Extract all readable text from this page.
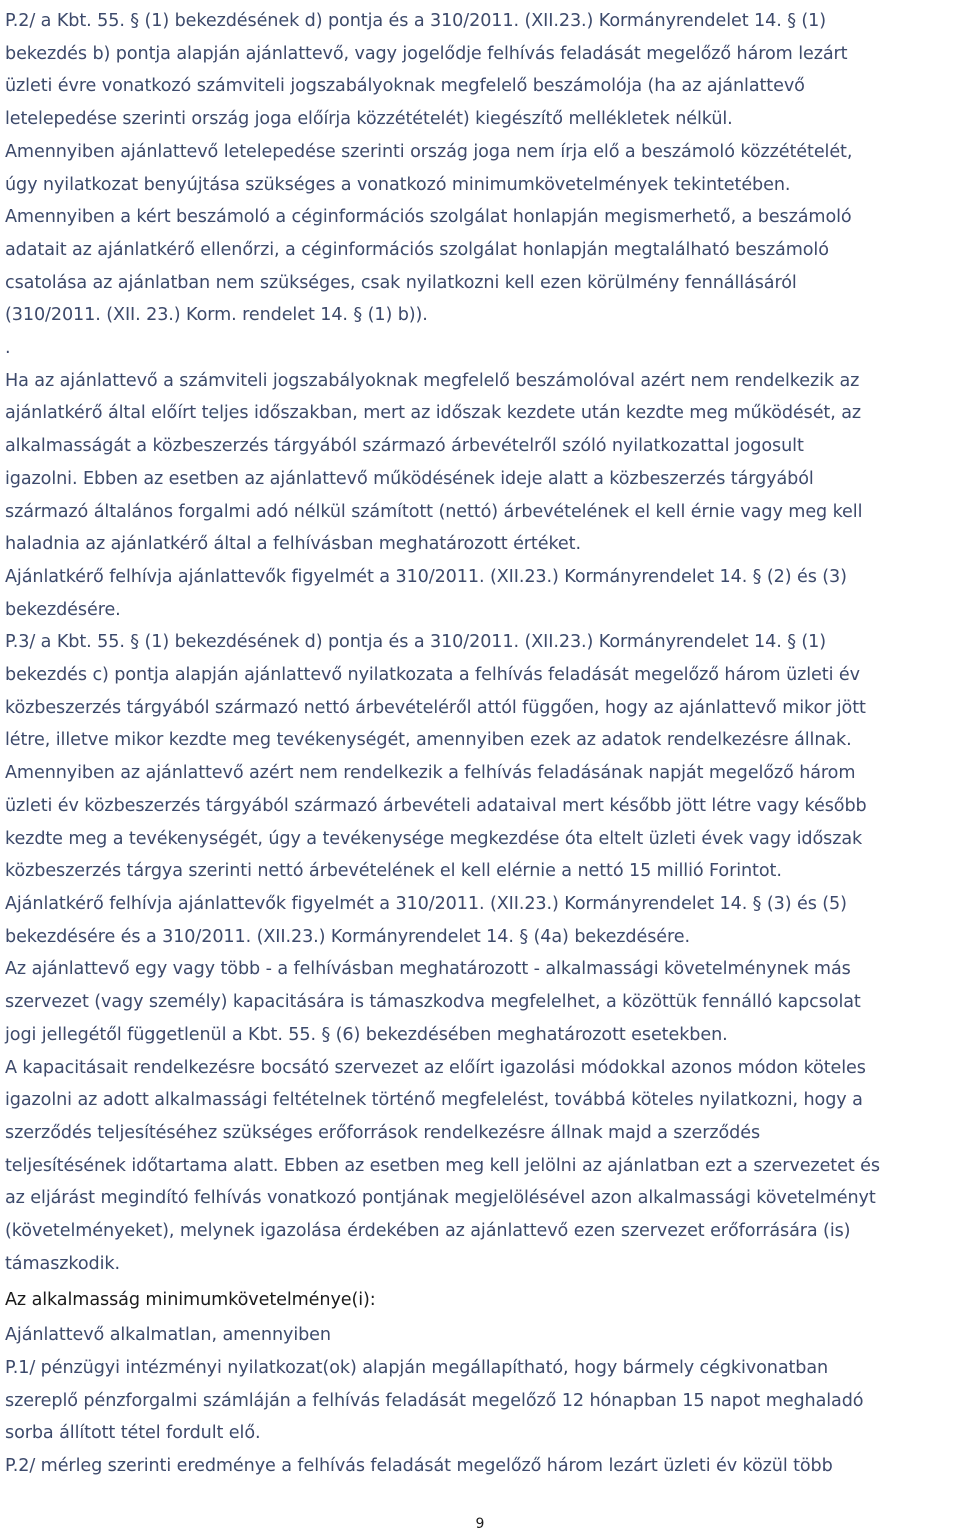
P.2/ a Kbt. 55. § (1) bekezdésének d) pontja és a 310/2011. (XII.23.) Kormányrendelet 14. § (1)
bekezdés b) pontja alapján ajánlattevő, vagy jogelődje felhívás feladását megelőző három lezárt
üzleti évre vonatkozó számviteli jogszabályoknak megfelelő beszámolója (ha az ajánlattevő
letelepedése szerinti ország joga előírja közzétételét) kiegészítő mellékletek nélkül.

Amennyiben ajánlattevő letelepedése szerinti ország joga nem írja elő a beszámoló közzétételét,
úgy nyilatkozat benyújtása szükséges a vonatkozó minimumkövetelmények tekintetében.

Amennyiben a kért beszámoló a céginformációs szolgálat honlapján megismerhető, a beszámoló
adatait az ajánlatkérő ellenőrzi, a céginformációs szolgálat honlapján megtalálható beszámoló
csatolása az ajánlatban nem szükséges, csak nyilatkozni kell ezen körülmény fennállásáról
(310/2011. (XII. 23.) Korm. rendelet 14. § (1) b)).

.

Ha az ajánlattevő a számviteli jogszabályoknak megfelelő beszámolóval azért nem rendelkezik az
ajánlatkérő által előírt teljes időszakban, mert az időszak kezdete után kezdte meg működését, az
alkalmasságát a közbeszerzés tárgyából származó árbevételről szóló nyilatkozattal jogosult
igazolni. Ebben az esetben az ajánlattevő működésének ideje alatt a közbeszerzés tárgyából
származó általános forgalmi adó nélkül számított (nettó) árbevételének el kell érnie vagy meg kell
haladnia az ajánlatkérő által a felhívásban meghatározott értéket.

Ajánlatkérő felhívja ajánlattevők figyelmét a 310/2011. (XII.23.) Kormányrendelet 14. § (2) és (3)
bekezdésére.

P.3/ a Kbt. 55. § (1) bekezdésének d) pontja és a 310/2011. (XII.23.) Kormányrendelet 14. § (1)
bekezdés c) pontja alapján ajánlattevő nyilatkozata a felhívás feladását megelőző három üzleti év
közbeszerzés tárgyából származó nettó árbevételéről attól függően, hogy az ajánlattevő mikor jött
létre, illetve mikor kezdte meg tevékenységét, amennyiben ezek az adatok rendelkezésre állnak.

Amennyiben az ajánlattevő azért nem rendelkezik a felhívás feladásának napját megelőző három
üzleti év közbeszerzés tárgyából származó árbevételi adataival mert később jött létre vagy később
kezdte meg a tevékenységét, úgy a tevékenysége megkezdése óta eltelt üzleti évek vagy időszak
közbeszerzés tárgya szerinti nettó árbevételének el kell elérnie a nettó 15 millió Forintot.

Ajánlatkérő felhívja ajánlattevők figyelmét a 310/2011. (XII.23.) Kormányrendelet 14. § (3) és (5)
bekezdésére és a 310/2011. (XII.23.) Kormányrendelet 14. § (4a) bekezdésére.

Az ajánlattevő egy vagy több - a felhívásban meghatározott - alkalmassági követelménynek más
szervezet (vagy személy) kapacitására is támaszkodva megfelelhet, a közöttük fennálló kapcsolat
jogi jellegétől függetlenül a Kbt. 55. § (6) bekezdésében meghatározott esetekben.

A kapacitásait rendelkezésre bocsátó szervezet az előírt igazolási módokkal azonos módon köteles
igazolni az adott alkalmassági feltételnek történő megfelelést, továbbá köteles nyilatkozni, hogy a
szerződés teljesítéséhez szükséges erőforrások rendelkezésre állnak majd a szerződés
teljesítésének időtartama alatt. Ebben az esetben meg kell jelölni az ajánlatban ezt a szervezetet és
az eljárást megindító felhívás vonatkozó pontjának megjelölésével azon alkalmassági követelményt
(követelményeket), melynek igazolása érdekében az ajánlattevő ezen szervezet erőforrására (is)
támaszkodik.

Az alkalmasság minimumkövetelménye(i):

Ajánlattevő alkalmatlan, amennyiben

P.1/ pénzügyi intézményi nyilatkozat(ok) alapján megállapítható, hogy bármely cégkivonatban
szereplő pénzforgalmi számláján a felhívás feladását megelőző 12 hónapban 15 napot meghaladó
sorba állított tétel fordult elő.

P.2/ mérleg szerinti eredménye a felhívás feladását megelőző három lezárt üzleti év közül több

9
